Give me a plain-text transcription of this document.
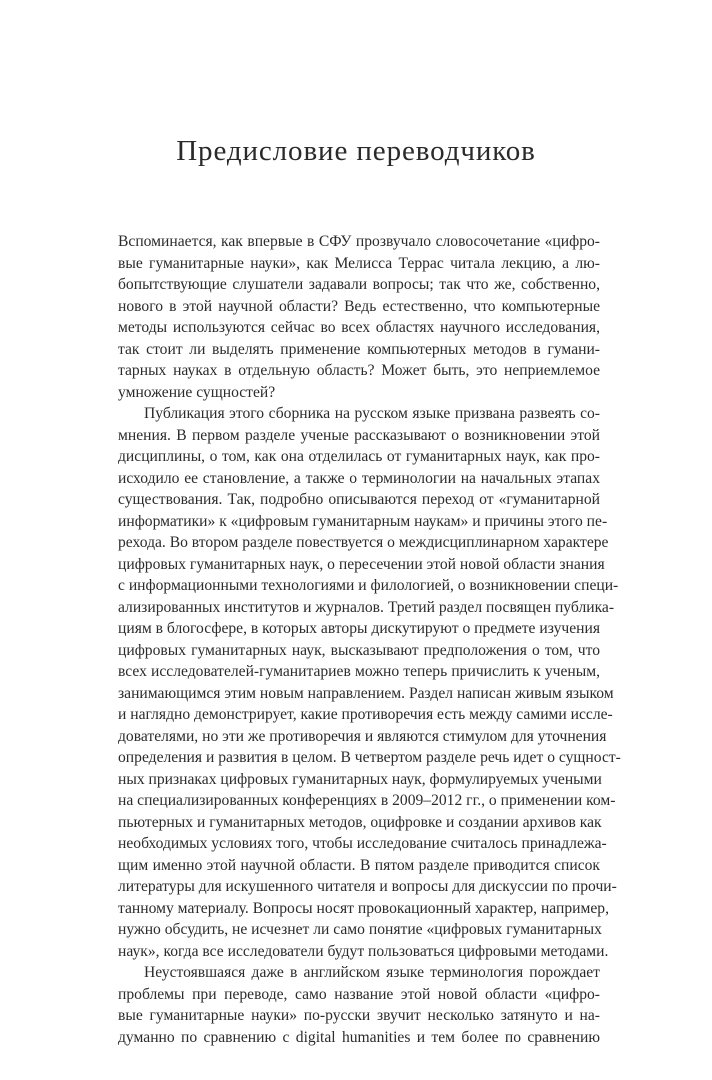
Предисловие переводчиков
Вспоминается, как впервые в СФУ прозвучало словосочетание «цифро-
вые гуманитарные науки», как Мелисса Террас читала лекцию, а лю-
бопытствующие слушатели задавали вопросы; так что же, собственно,
нового в этой научной области? Ведь естественно, что компьютерные
методы используются сейчас во всех областях научного исследования,
так стоит ли выделять применение компьютерных методов в гумани-
тарных науках в отдельную область? Может быть, это неприемлемое
умножение сущностей?
Публикация этого сборника на русском языке призвана развеять со-
мнения. В первом разделе ученые рассказывают о возникновении этой
дисциплины, о том, как она отделилась от гуманитарных наук, как про-
исходило ее становление, а также о терминологии на начальных этапах
существования. Так, подробно описываются переход от «гуманитарной
информатики» к «цифровым гуманитарным наукам» и причины этого пе-
рехода. Во втором разделе повествуется о междисциплинарном характере
цифровых гуманитарных наук, о пересечении этой новой области знания
с информационными технологиями и филологией, о возникновении специ-
ализированных институтов и журналов. Третий раздел посвящен публика-
циям в блогосфере, в которых авторы дискутируют о предмете изучения
цифровых гуманитарных наук, высказывают предположения о том, что
всех исследователей-гуманитариев можно теперь причислить к ученым,
занимающимся этим новым направлением. Раздел написан живым языком
и наглядно демонстрирует, какие противоречия есть между самими иссле-
дователями, но эти же противоречия и являются стимулом для уточнения
определения и развития в целом. В четвертом разделе речь идет о сущност-
ных признаках цифровых гуманитарных наук, формулируемых учеными
на специализированных конференциях в 2009–2012 гг., о применении ком-
пьютерных и гуманитарных методов, оцифровке и создании архивов как
необходимых условиях того, чтобы исследование считалось принадлежа-
щим именно этой научной области. В пятом разделе приводится список
литературы для искушенного читателя и вопросы для дискуссии по прочи-
танному материалу. Вопросы носят провокационный характер, например,
нужно обсудить, не исчезнет ли само понятие «цифровых гуманитарных
наук», когда все исследователи будут пользоваться цифровыми методами.
Неустоявшаяся даже в английском языке терминология порождает
проблемы при переводе, само название этой новой области «цифро-
вые гуманитарные науки» по-русски звучит несколько затянуто и на-
думанно по сравнению с digital humanities и тем более по сравнению
